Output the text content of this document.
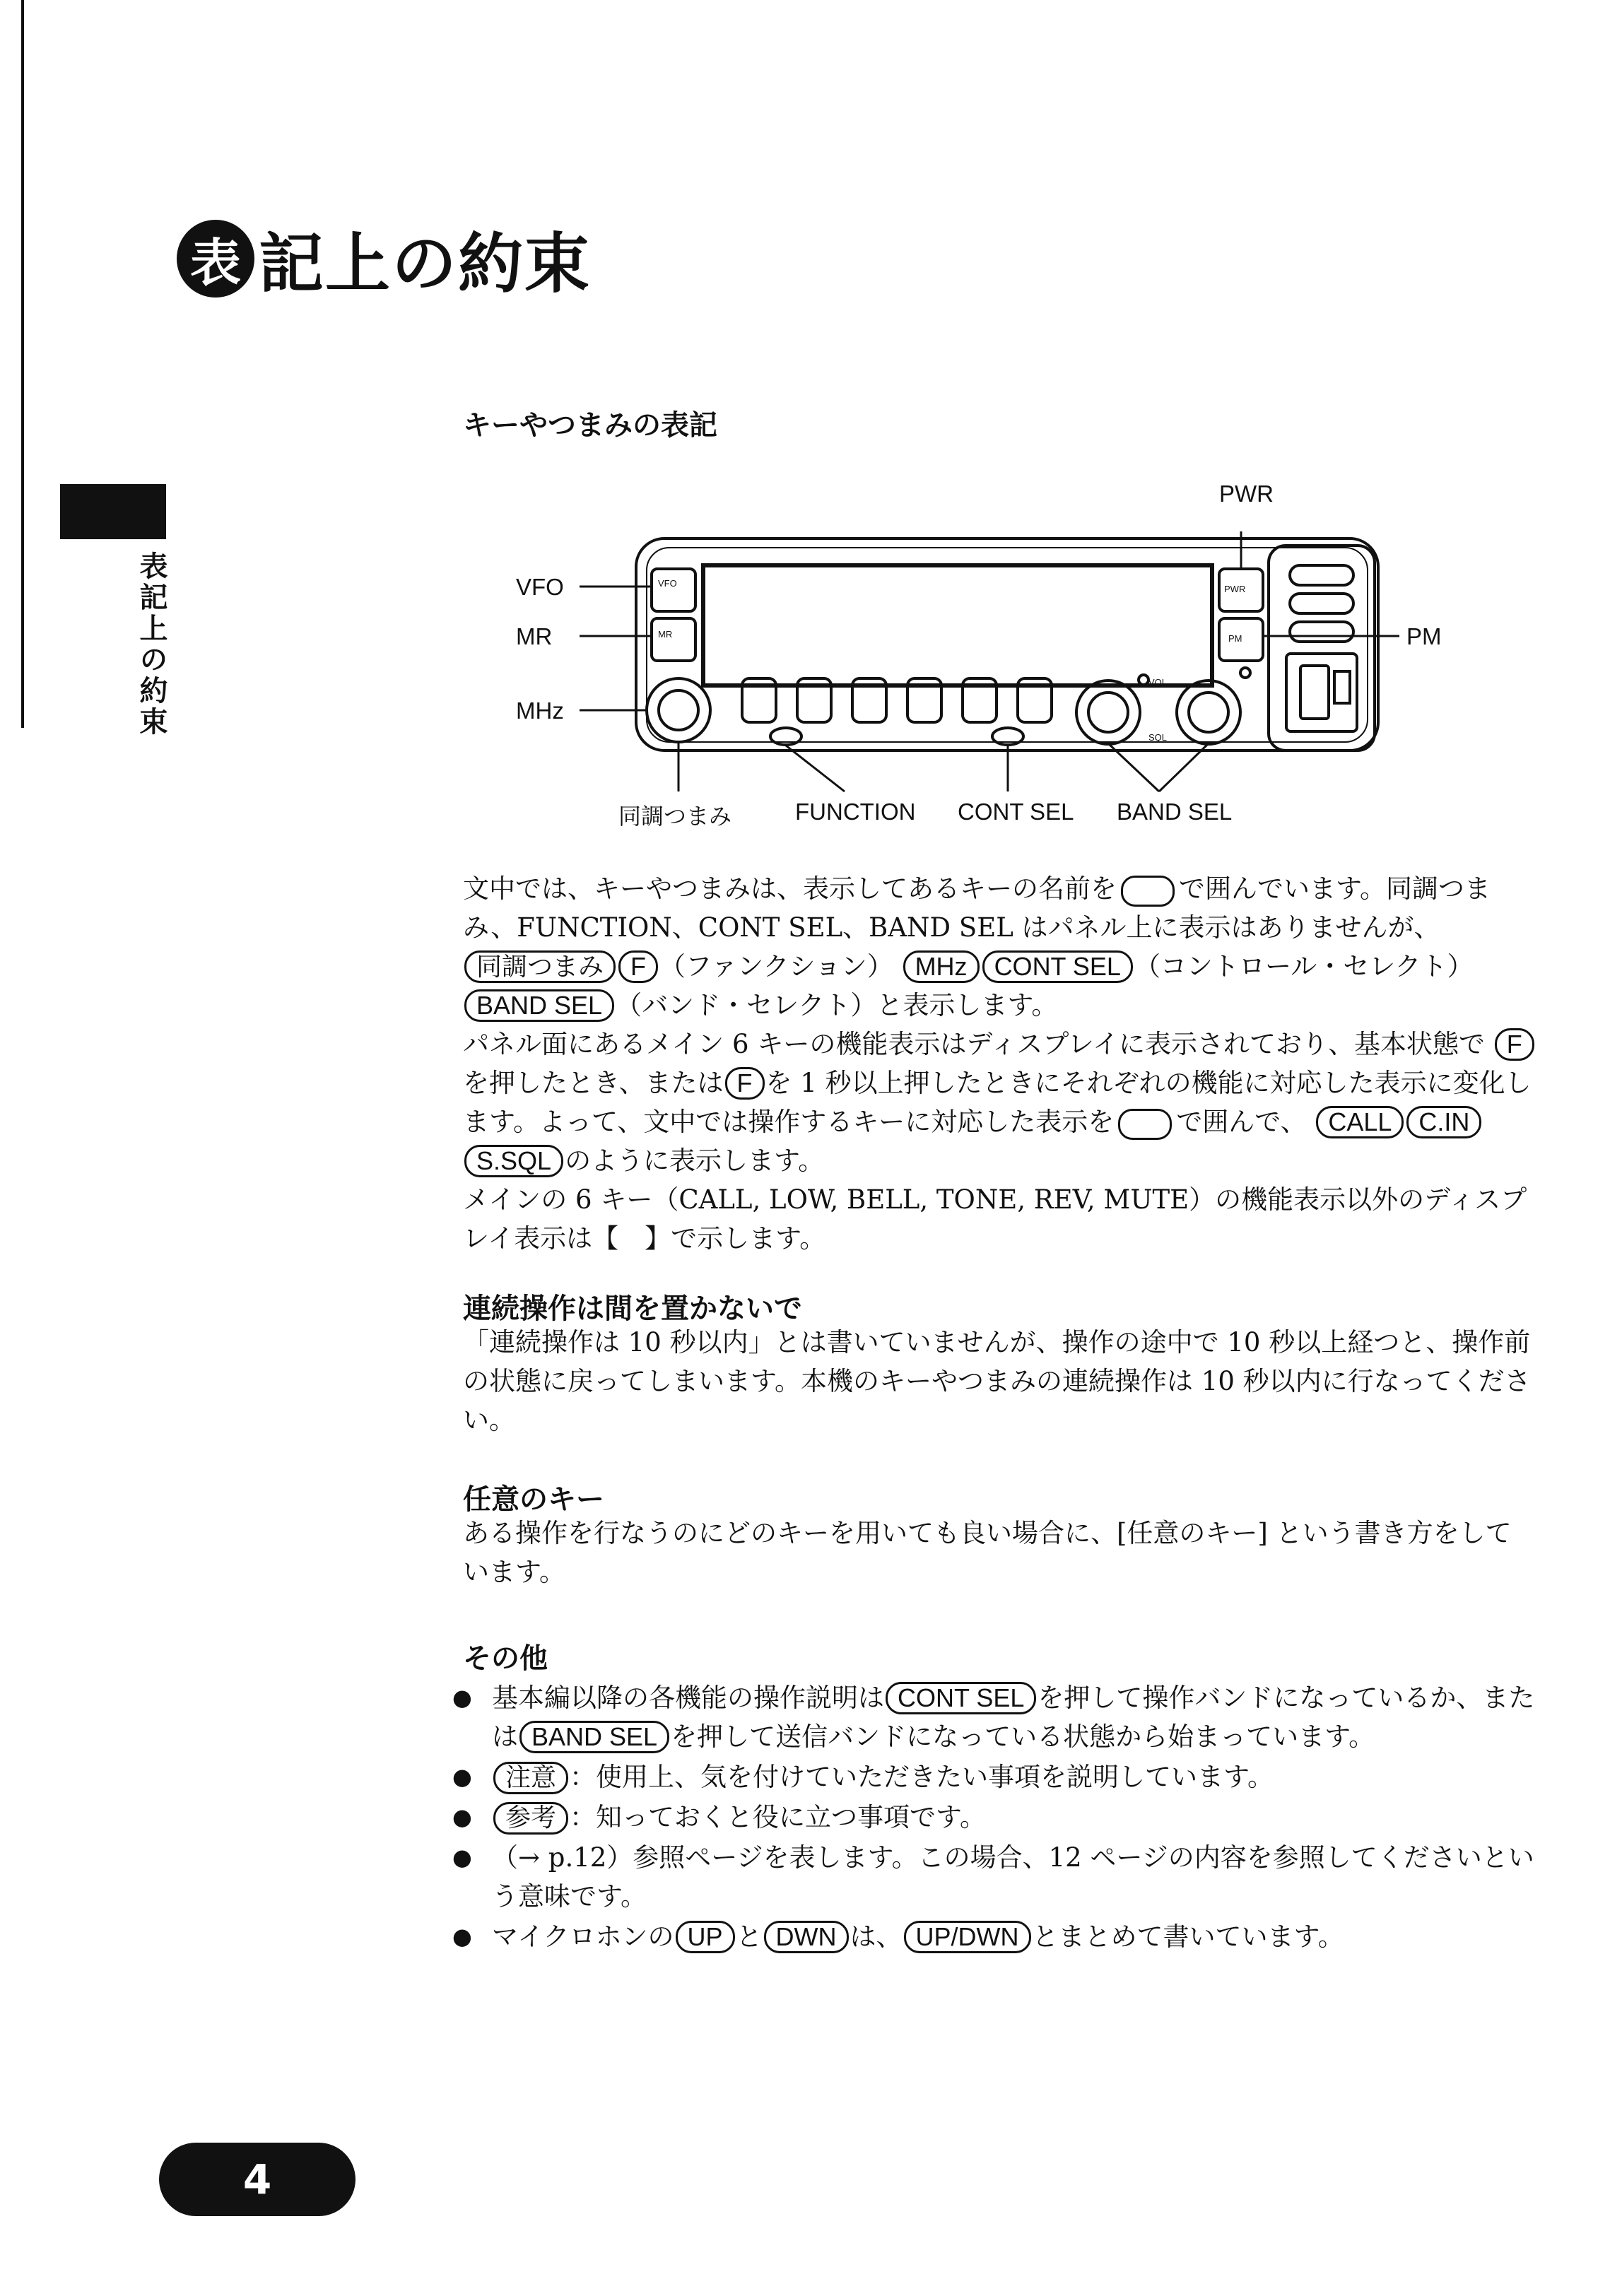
表記上の約束
表 記上の約束
キーやつまみの表記
VFO
MR
PWR
PM
VOL
SQL
PWR
VFO
MR	PM
MHz
同調つまみ	FUNCTION CONT SEL BAND SEL
文中では、キーやつまみは、表示してあるキーの名前を で囲んでいます。同調つまみ、FUNCTION、CONT SEL、BAND SEL はパネル上に表示はありませんが、 同調つまみ F （ファンクション） MHz CONT SEL （コントロール・セレクト） BAND SEL （バンド・セレクト）と表示します。
パネル面にあるメイン 6 キーの機能表示はディスプレイに表示されており、基本状態で Fを押したとき、または F を 1 秒以上押したときにそれぞれの機能に対応した表示に変化します。よって、文中では操作するキーに対応した表示を で囲んで、 CALL C.INS.SQL のように表示します。
メインの 6 キー（CALL, LOW, BELL, TONE, REV, MUTE）の機能表示以外のディスプレイ表示は【　】で示します。
連続操作は間を置かないで
「連続操作は 10 秒以内」とは書いていませんが、操作の途中で 10 秒以上経つと、操作前の状態に戻ってしまいます。本機のキーやつまみの連続操作は 10 秒以内に行なってください。
任意のキー
ある操作を行なうのにどのキーを用いても良い場合に、[任意のキー] という書き方をしています。
その他
● 基本編以降の各機能の操作説明は CONT SEL を押して操作バンドになっているか、または BAND SEL を押して送信バンドになっている状態から始まっています。
● 注意 ：使用上、気を付けていただきたい事項を説明しています。
● 参考 ：知っておくと役に立つ事項です。
● （→ p.12）参照ページを表します。この場合、12 ページの内容を参照してくださいという意味です。
● マイクロホンの UP と DWN は、 UP/DWN とまとめて書いています。
4
